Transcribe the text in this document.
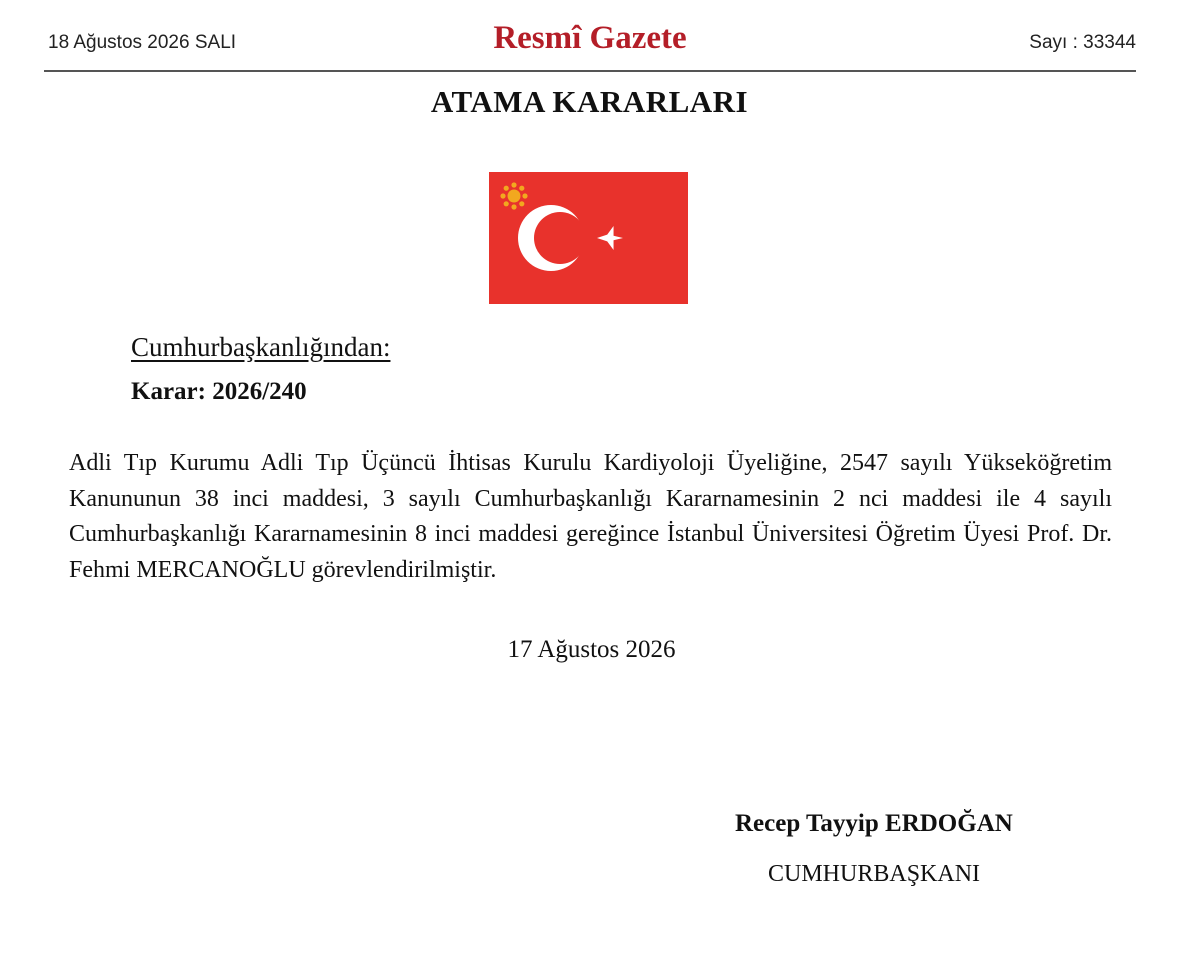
18 Ağustos 2026 SALI	Resmî Gazete	Sayı : 33344
ATAMA KARARLARI
Cumhurbaşkanlığından:
Karar: 2026/240
Adli Tıp Kurumu Adli Tıp Üçüncü İhtisas Kurulu Kardiyoloji Üyeliğine, 2547 sayılı Yükseköğretim Kanununun 38 inci maddesi, 3 sayılı Cumhurbaşkanlığı Kararnamesinin 2 nci maddesi ile 4 sayılı Cumhurbaşkanlığı Kararnamesinin 8 inci maddesi gereğince İstanbul Üniversitesi Öğretim Üyesi Prof. Dr. Fehmi MERCANOĞLU görevlendirilmiştir.
17 Ağustos 2026
Recep Tayyip ERDOĞAN
CUMHURBAŞKANI
